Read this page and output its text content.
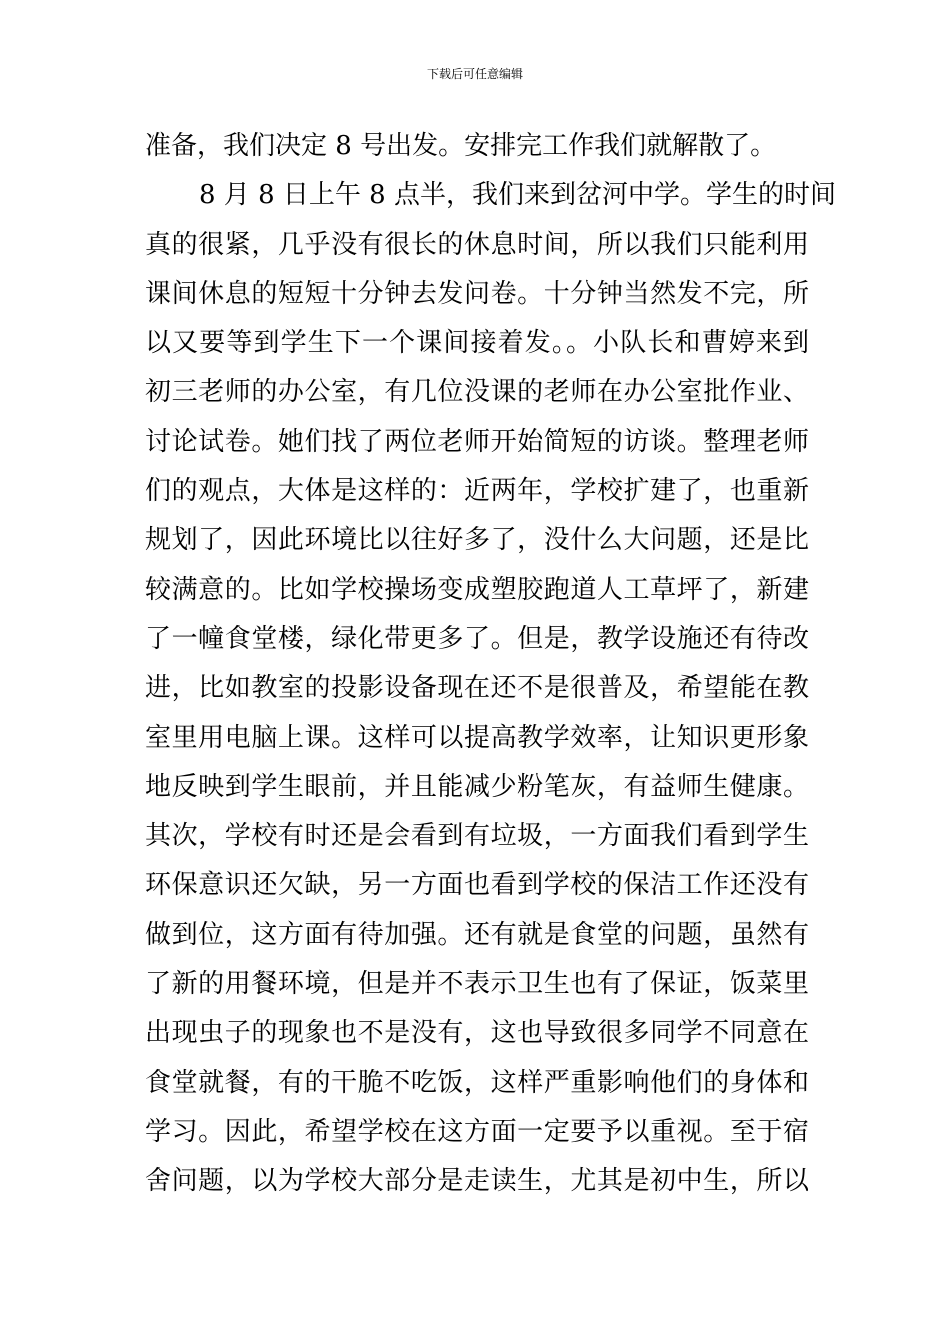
下载后可任意编辑
准备，我们决定 8 号出发。安排完工作我们就解散了。
8 月 8 日上午 8 点半，我们来到岔河中学。学生的时间
真的很紧，几乎没有很长的休息时间，所以我们只能利用
课间休息的短短十分钟去发问卷。十分钟当然发不完，所
以又要等到学生下一个课间接着发。。小队长和曹婷来到
初三老师的办公室，有几位没课的老师在办公室批作业、
讨论试卷。她们找了两位老师开始简短的访谈。整理老师
们的观点，大体是这样的：近两年，学校扩建了，也重新
规划了，因此环境比以往好多了，没什么大问题，还是比
较满意的。比如学校操场变成塑胶跑道人工草坪了，新建
了一幢食堂楼，绿化带更多了。但是，教学设施还有待改
进，比如教室的投影设备现在还不是很普及，希望能在教
室里用电脑上课。这样可以提高教学效率，让知识更形象
地反映到学生眼前，并且能减少粉笔灰，有益师生健康。
其次，学校有时还是会看到有垃圾，一方面我们看到学生
环保意识还欠缺，另一方面也看到学校的保洁工作还没有
做到位，这方面有待加强。还有就是食堂的问题，虽然有
了新的用餐环境，但是并不表示卫生也有了保证，饭菜里
出现虫子的现象也不是没有，这也导致很多同学不同意在
食堂就餐，有的干脆不吃饭，这样严重影响他们的身体和
学习。因此，希望学校在这方面一定要予以重视。至于宿
舍问题，以为学校大部分是走读生，尤其是初中生，所以
